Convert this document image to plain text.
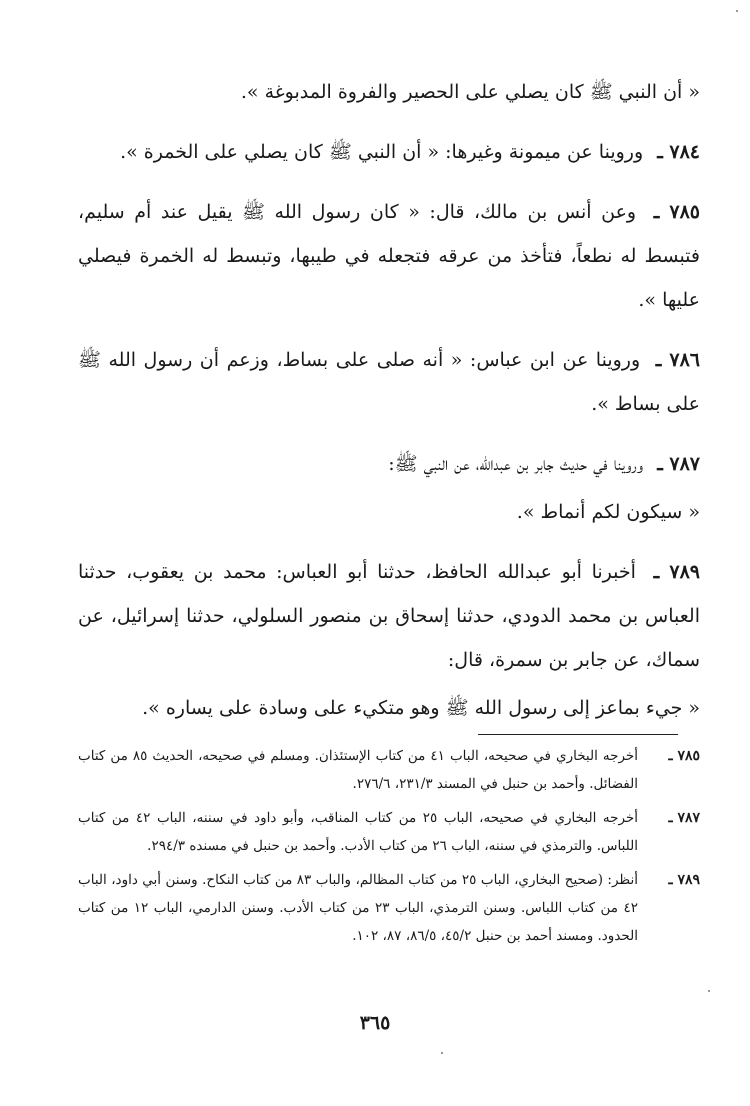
« أن النبي ﷺ كان يصلي على الحصير والفروة المدبوغة ».

٧٨٤ ـ وروينا عن ميمونة وغيرها: « أن النبي ﷺ كان يصلي على الخمرة ».

٧٨٥ ـ وعن أنس بن مالك، قال: « كان رسول الله ﷺ يقيل عند أم سليم، فتبسط له نطعاً، فتأخذ من عرقه فتجعله في طيبها، وتبسط له الخمرة فيصلي عليها ».

٧٨٦ ـ وروينا عن ابن عباس: « أنه صلى على بساط، وزعم أن رسول الله ﷺ على بساط ».

٧٨٧ ـ وروينا في حديث جابر بن عبدالله، عن النبي ﷺ:

« سيكون لكم أنماط ».

٧٨٩ ـ أخبرنا أبو عبدالله الحافظ، حدثنا أبو العباس: محمد بن يعقوب، حدثنا العباس بن محمد الدودي، حدثنا إسحاق بن منصور السلولي، حدثنا إسرائيل، عن سماك، عن جابر بن سمرة، قال:

« جيء بماعز إلى رسول الله ﷺ وهو متكيء على وسادة على يساره ».

٧٨٥ ـ
أخرجه البخاري في صحيحه، الباب ٤١ من كتاب الإستئذان. ومسلم في صحيحه، الحديث ٨٥ من كتاب الفضائل. وأحمد بن حنبل في المسند ٢٣١/٣، ٢٧٦/٦.
٧٨٧ ـ
أخرجه البخاري في صحيحه، الباب ٢٥ من كتاب المناقب، وأبو داود في سننه، الباب ٤٢ من كتاب اللباس. والترمذي في سننه، الباب ٢٦ من كتاب الأدب. وأحمد بن حنبل في مسنده ٢٩٤/٣.
٧٨٩ ـ
أنظر: (صحيح البخاري، الباب ٢٥ من كتاب المظالم، والباب ٨٣ من كتاب النكاح. وسنن أبي داود، الباب ٤٢ من كتاب اللباس. وسنن الترمذي، الباب ٢٣ من كتاب الأدب. وسنن الدارمي، الباب ١٢ من كتاب الحدود. ومسند أحمد بن حنبل ٤٥/٢، ٨٦/٥، ٨٧، ١٠٢.
٣٦٥
